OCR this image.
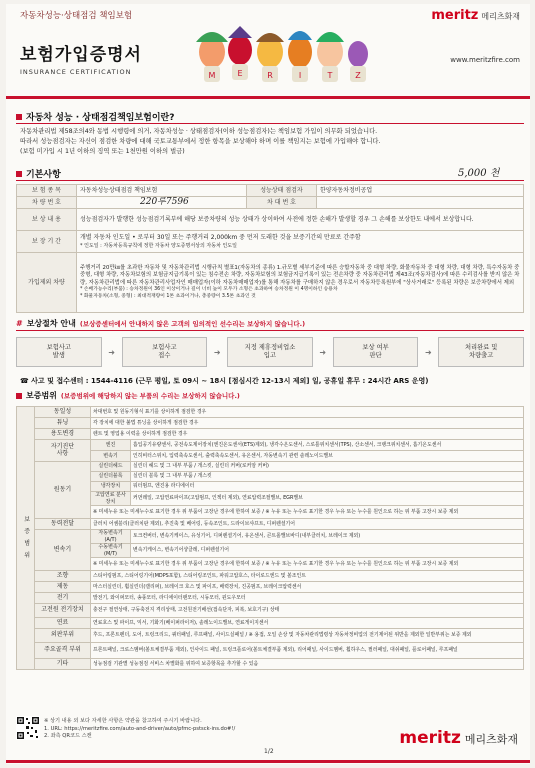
자동차성능·상태점검 책임보험	meritz 메리츠화재
보험가입증명서
INSURANCE CERTIFICATION
www.meritzfire.com
M	E	R	I	T	Z
자동차 성능 · 상태점검책임보험이란?
자동차관리법 제58조의4와 동법 시행령에 의거, 자동차성능 · 상태점검자(이하 성능점검자)는 책임보험 가입이 의무화 되었습니다.
따라서 성능점검자는 자신이 점검한 차량에 대해 국토교통부에서 정한 항목을 보상해야 하며 이를 책임지는 보험에 가입해야 합니다.
(보험 미가입 시 1년 이하의 징역 또는 1천만원 이하의 벌금)
기본사항	5,000 천
보 험 종 목	자동차성능상태점검 책임보험	성능상태 점검자	한양자동차정비공업
차 량 번 호	220루7596	차 대 번 호	
보 상 내 용	성능점검자가 발행한 성능점검기록부에 해당 보증차량의 성능 상태가 상이하여 사전에 정한 손해가 발생할 경우 그 손해를 보상한도 내에서 보상합니다.		
보 장 기 간	개별 자동차 인도일 • 로부터 30일 또는 주행거리 2,000km 중 먼저 도래한 것을 보증기간의 만료로 간주함
* 인도일 : 자동차등록규칙에 정한 자동차 양도증명서상의 자동차 인도일		

가입제외 차량	주행거리 20만㎞를 초과한 자동차 및 자동차관리법 시행규칙 별표1(자동차의 종류) 1.규모별 세부기준에 따른 승합자동차 중 대형 차량, 화물자동차 중 대형 차량, 대형 차량, 특수자동차 중 중형, 대형 차량, 자동차보험의 보험금지급기록이 있는 침수전손 차량, 자동차보험의 보험금지급기록이 있는 전손차량 중 자동차관리법 제43조(자동차검사)에 따른 수리검사를 받지 않은 차량, 자동차관리법에 따른 자동차관리사업자인 매매업자(이하 자동차매매업자)를 통해 자동차를 구매하지 않은 경우로서 자동차등록원부에 "상사거래로" 등록된 차량은 보증차량에서 제외
* 손배가능수리(부품) : 승차정원이 36인 이상이거나 길이 너비 높이 모두가 소형은 초과하여 승차정원 이 4명이하인 승용차
* 화물자동차(소형, 중형) : 최대적재량이 1톤 초과이거나, 총중량이 3.5톤 초과인 것		
# 보상절차 안내 (보상증센터에서 안내하지 않은 고객의 임의적인 선수리는 보상하지 않습니다.)
보험사고
발생	➜	보험사고
접수	➜	지정 제휴정비업소
입고	➜	보상 여부
판단	➜	처리완료 및
차량출고
☎ 사고 및 접수센터 : 1544-4116 (근무 평일, 토 09시 ~ 18시 [점심시간 12-13시 제외] 일, 공휴일 휴무 : 24시간 ARS 운영)
보증범위 (보증범위에 해당하지 않는 부품의 수리는 보상하지 않습니다.)
보 증 범 위	동일성	차대번호 및 원동기형식 표기를 상이하게 점검한 경우	
	튜닝	각 장치에 대한 불법 튜닝을 상이하게 점검한 경우	
	용도변경	렌트 및 영업용 이력을 상이하게 점검한 경우	
	자기진단
사항	엔진	흡입공기유량센서, 공전속도제어장치(엔진온도센서(ETS)제외), 냉각수온도센서, 스로틀위치센서(TPS), 산소센서, 크랭크위치센서, 흡기온도센서
		변속기	인히비터스위치, 입력축속도센서, 출력축속도센서, 유온센서, 자동변속기 관련 솔레노이드밸브
	원동기	실린더헤드	실린더 헤드 및 그 내부 부품 / 개스킷, 실린더 커버(로커암 커버)
		실린더블록	실린더 블록 및 그 내부 부품 / 개스킷
		냉각장치	워터펌프, 엔진용 라디에이터
		고압연료 분사장치	커먼레일, 고압연료파이프(고압펌프, 인젝터 제외), 연료압력조절밸브, EGR밸브
		※ 미세누유 또는 미세누수로 표기한 경우 위 부품이 고장난 경우에 한하여 보증 / ※ 누유 또는 누수로 표기한 경우 누유 또는 누수를 원인으로 하는 위 부품 고장시 보증 제외	
	동력전달	클러치 어셈블리(클러치판 제외), 추진축 및 베어링, 등속조인트, 드라이브샤프트, 디퍼렌셜기어	
	변속기	자동변속기 (A/T)	토크컨버터, 변속기케이스, 유성기어, 디퍼렌셜기어, 유온센서, 콘트롤밸브바디(내부클러치, 브레이크 제외)
		수동변속기 (M/T)	변속기케이스, 변속기어샹클레, 디퍼렌셜기어
		※ 미세누유 또는 미세누수로 표기한 경우 위 부품이 고장난 경우에 한하여 보증 / ※ 누유 또는 누수로 표기한 경우 누유 또는 누수를 원인으로 하는 위 부품 고장시 보증 제외	
	조향	스티어링펌프, 스티어링기어(MDPS포함), 스티어링조인트, 파워고압호스, 타이로드엔드 및 볼조인트	
	제동	마스터실린더, 휠실린더(캘리퍼), 브레이크 호스 및 파이프, 배력장치, 진공펌프, 브레이크압력센서	
	전기	발전기, 와이퍼모터, 송풍모터, 라디에이터팬모터, 시동모터, 윈도우모터	
	고전원 전기장치	충전구 절연상태, 구동축전지 격리상태, 고전원전기배선(접속단자, 피복, 보호기구) 상태	
	연료	연료호스 및 파이프, 익서, 기화기(베이퍼라이저), 솔레노이드밸브, 연료게이지센서	
	외판부위	후드, 프론트펜더, 도어, 트렁크리드, 쿼터패널, 루프패널, 사이드실패널 / ※ 용접, 오일 손상 및 자동차관리법령상 자동차정비업의 전기제어된 위반을 제외한 일반부위는 보증 제외	
	주요골격 부위	프론트패널, 크로스멤버(볼트체결부품 제외), 인사이드 패널, 트렁크플로어(볼트체결부품 제외), 리어패널, 사이드멤버, 휠하우스, 필러패널, 대쉬패널, 플로어패널, 루프패널	
	기타	성능점검 기관별 성능점검 서비스 차별화를 위하여 보증항목을 추가할 수 있음	
※ 상기 내용 외 보다 자세한 사항은 약관을 참고하여 주시기 바랍니다.
1. URL: https://meritzfire.com/auto-and-driver/auto/pfmc-pstsck-ins.do#!/
2. 좌측 QR코드 스캔	meritz 메리츠화재
1/2
